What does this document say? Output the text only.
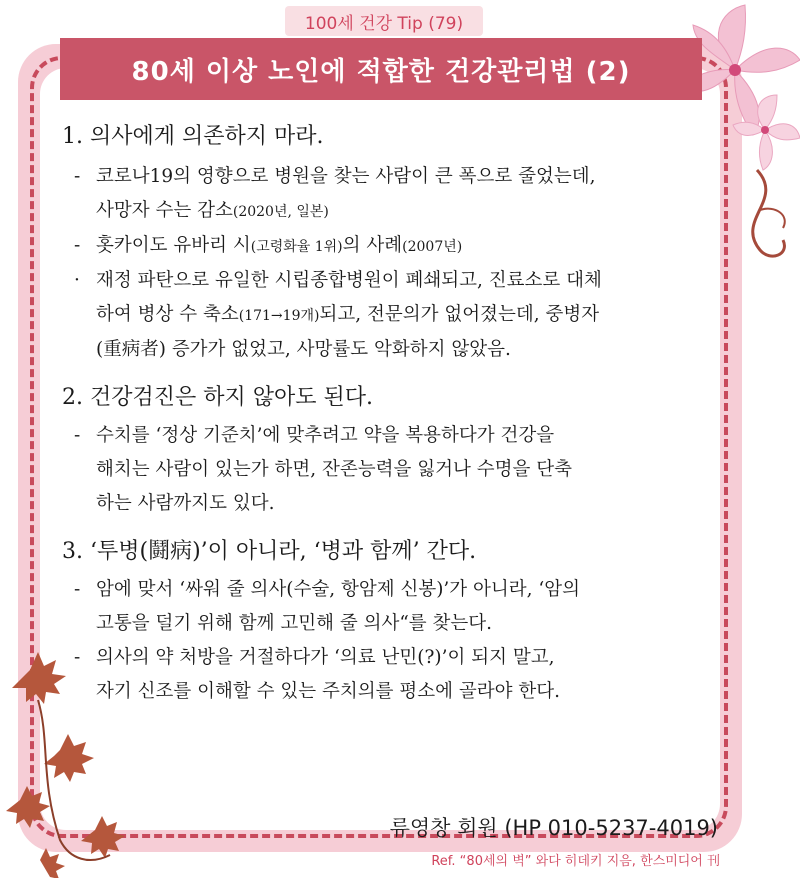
100세 건강 Tip (79)
80세 이상 노인에 적합한 건강관리법 (2)

1. 의사에게 의존하지 마라.

- 코로나19의 영향으로 병원을 찾는 사람이 큰 폭으로 줄었는데,

사망자 수는 감소(2020년, 일본)

- 홋카이도 유바리 시(고령화율 1위)의 사례(2007년)

· 재정 파탄으로 유일한 시립종합병원이 폐쇄되고, 진료소로 대체

하여 병상 수 축소(171→19개)되고, 전문의가 없어졌는데, 중병자

(重病者) 증가가 없었고, 사망률도 악화하지 않았음.

2. 건강검진은 하지 않아도 된다.

- 수치를 ‘정상 기준치’에 맞추려고 약을 복용하다가 건강을

해치는 사람이 있는가 하면, 잔존능력을 잃거나 수명을 단축

하는 사람까지도 있다.

3. ‘투병(鬪病)’이 아니라, ‘병과 함께’ 간다.

- 암에 맞서 ‘싸워 줄 의사(수술, 항암제 신봉)’가 아니라, ‘암의

고통을 덜기 위해 함께 고민해 줄 의사“를 찾는다.

- 의사의 약 처방을 거절하다가 ‘의료 난민(?)’이 되지 말고,

자기 신조를 이해할 수 있는 주치의를 평소에 골라야 한다.

류영창 회원 (HP 010-5237-4019)
Ref. “80세의 벽” 와다 히데키 지음, 한스미디어 刊
